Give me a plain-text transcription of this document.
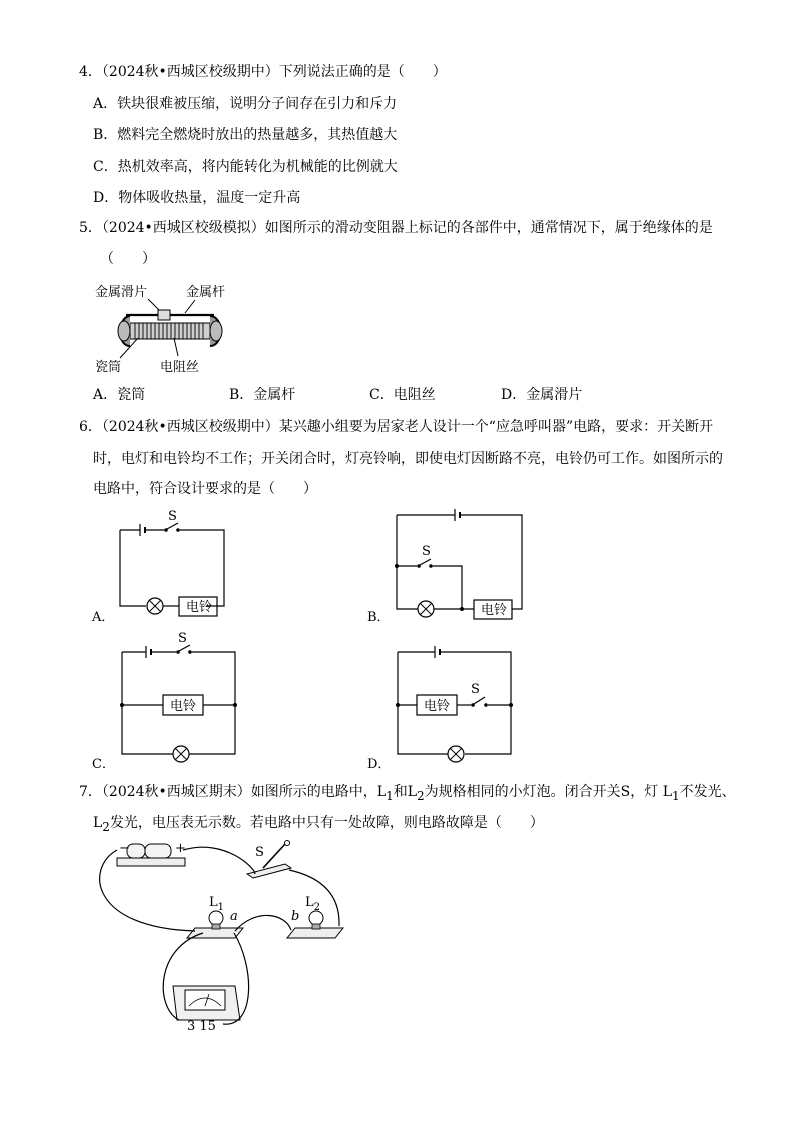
4．（2024秋•西城区校级期中）下列说法正确的是（　　）
A．铁块很难被压缩，说明分子间存在引力和斥力
B．燃料完全燃烧时放出的热量越多，其热值越大
C．热机效率高，将内能转化为机械能的比例就大
D．物体吸收热量，温度一定升高
5．（2024•西城区校级模拟）如图所示的滑动变阻器上标记的各部件中，通常情况下，属于绝缘体的是
（　　）
金属滑片	金属杆
瓷筒	电阻丝
A．瓷筒	B．金属杆	C．电阻丝	D．金属滑片
6．（2024秋•西城区校级期中）某兴趣小组要为居家老人设计一个“应急呼叫器”电路，要求：开关断开
时，电灯和电铃均不工作；开关闭合时，灯亮铃响，即使电灯因断路不亮，电铃仍可工作。如图所示的
电路中，符合设计要求的是（　　）
A．
S
电铃
B．
S
电铃
C．
S
电铃
D．
电铃
S
7．（2024秋•西城区期末）如图所示的电路中，$L_1$和$L_2$为规格相同的小灯泡。闭合开关S，灯 $L_1$不发光、
$L_2$发光，电压表无示数。若电路中只有一处故障，则电路故障是（　　）
−	+	S
$L_1$	$L_2$
a	b
3 15
